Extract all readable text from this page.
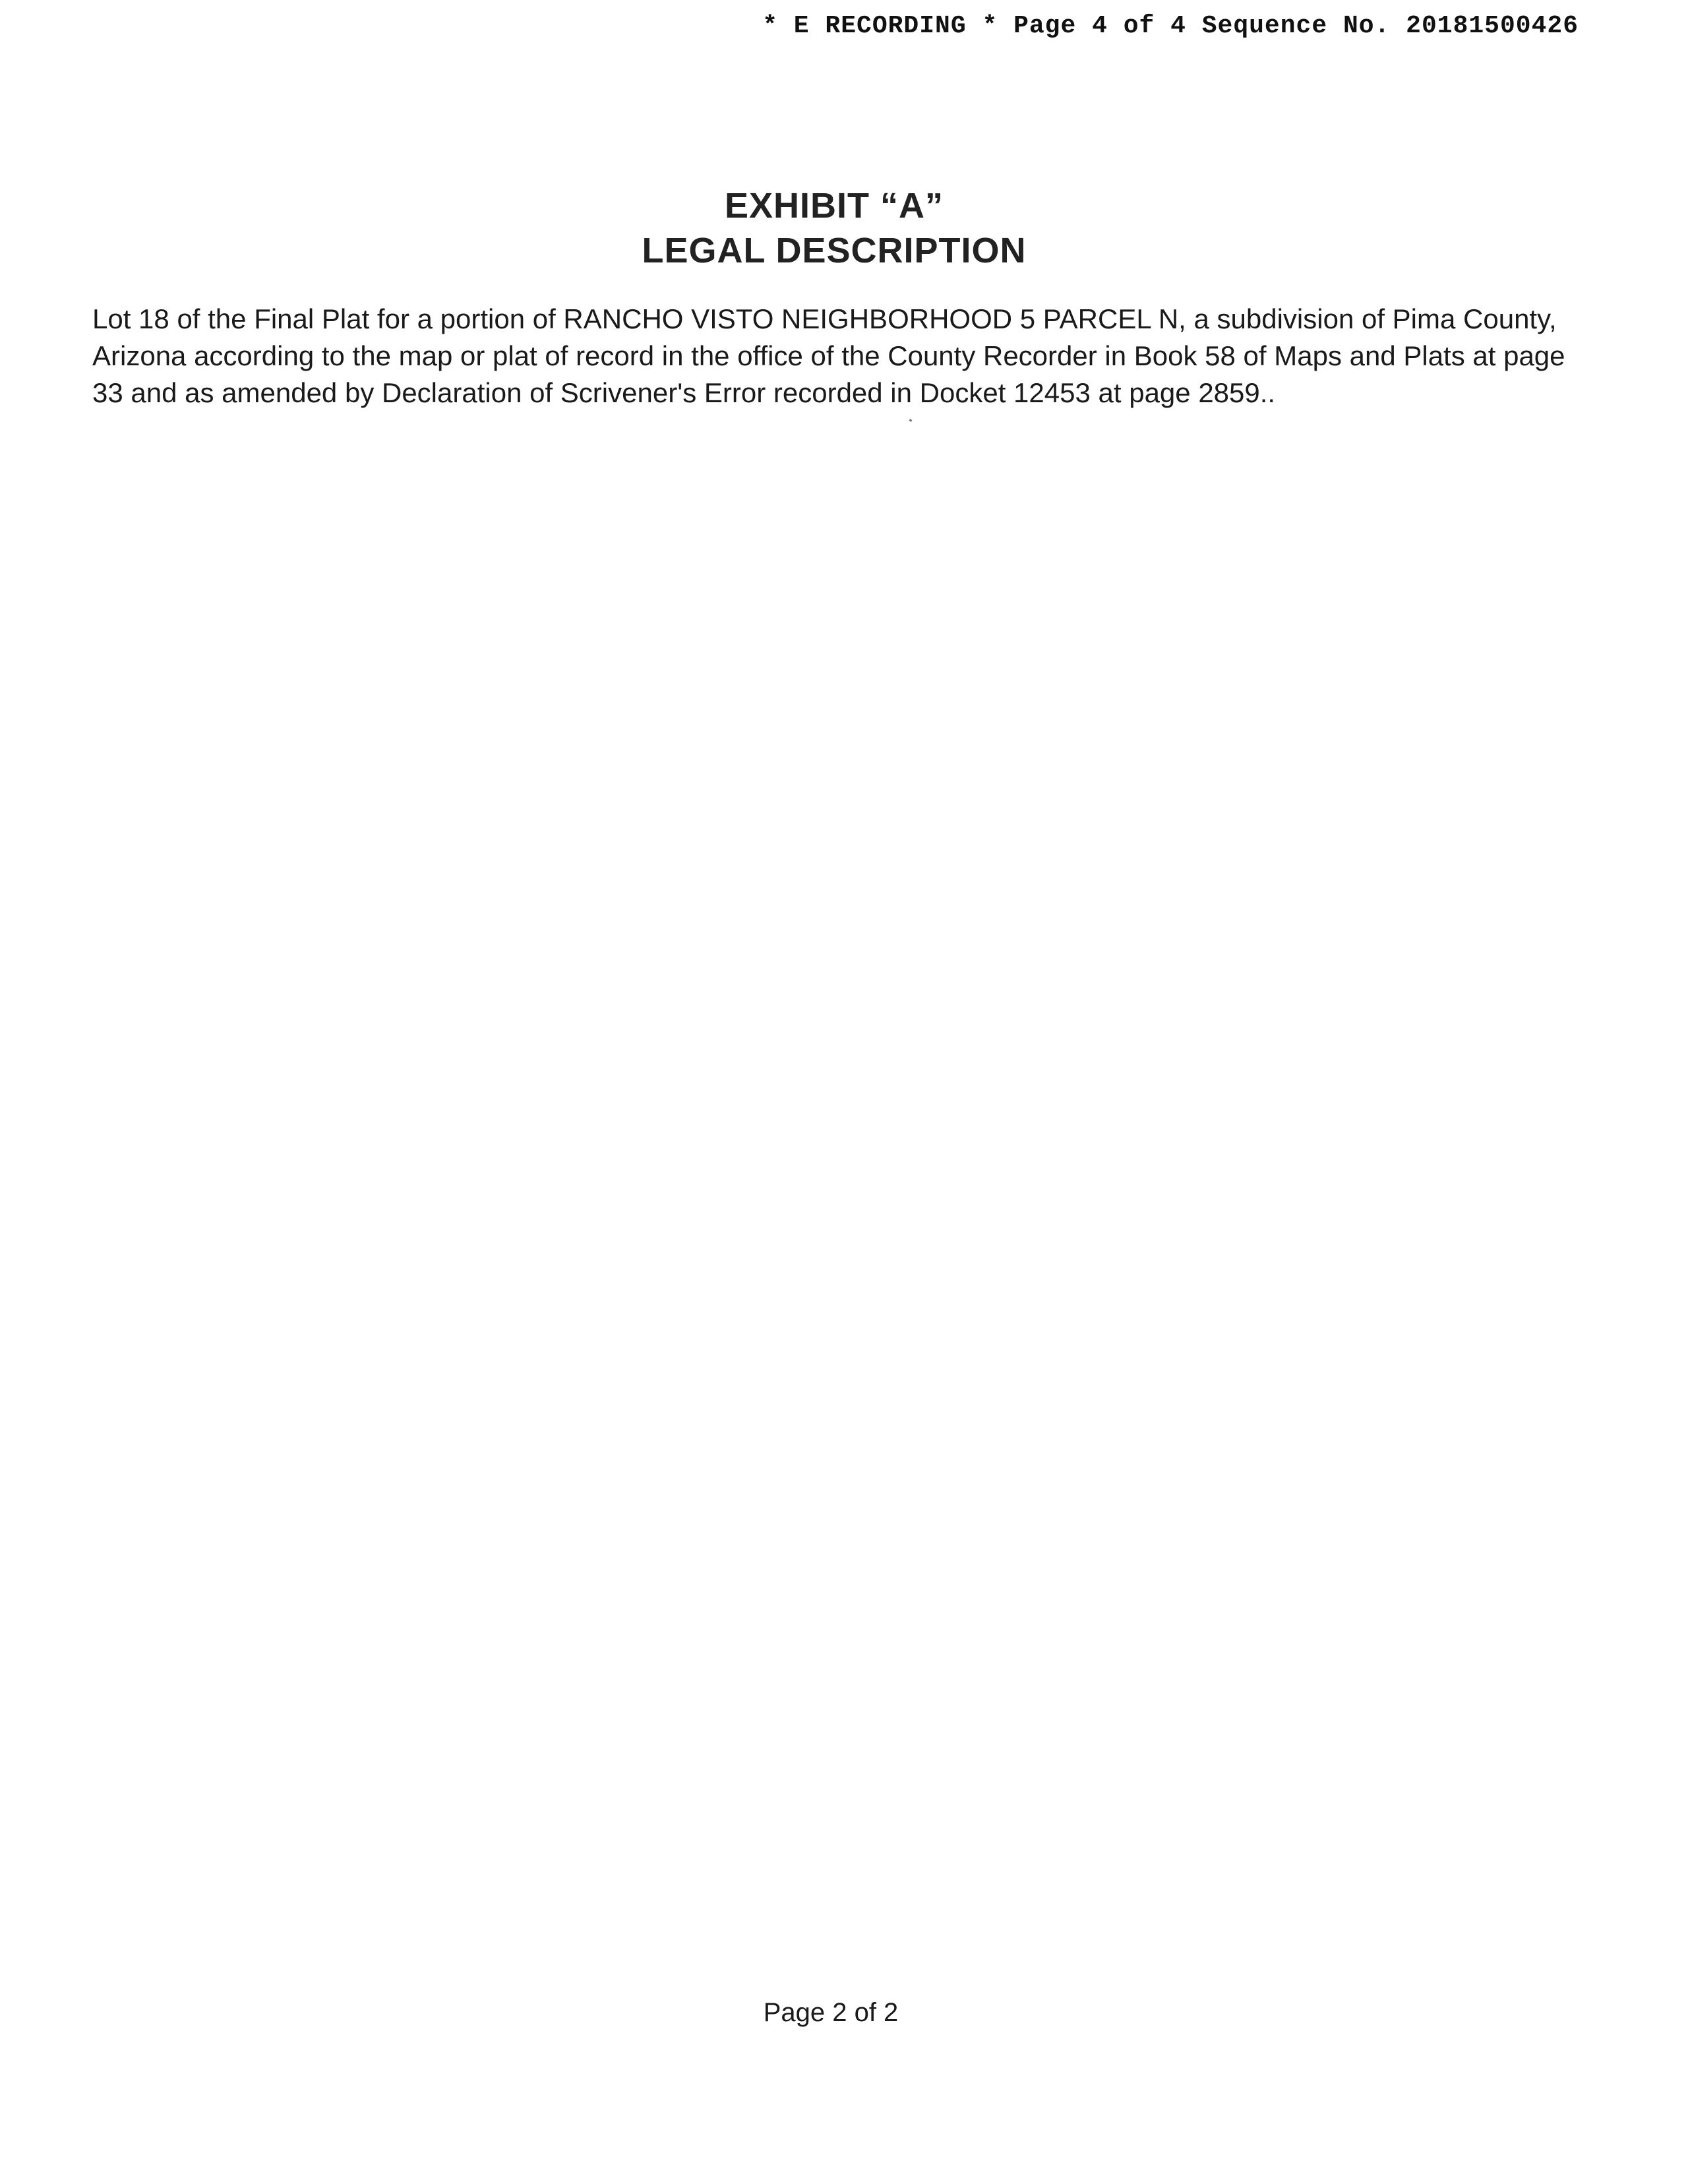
* E RECORDING * Page 4 of 4 Sequence No. 20181500426
EXHIBIT “A”
LEGAL DESCRIPTION
Lot 18 of the Final Plat for a portion of RANCHO VISTO NEIGHBORHOOD 5 PARCEL N, a subdivision of Pima County,
Arizona according to the map or plat of record in the office of the County Recorder in Book 58 of Maps and Plats at page
33 and as amended by Declaration of Scrivener's Error recorded in Docket 12453 at page 2859..
Page 2 of 2
